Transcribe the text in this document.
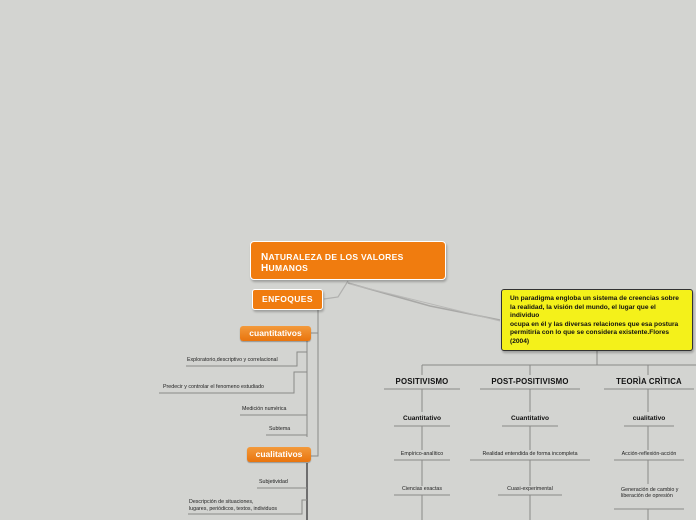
NATURALEZA DE LOS VALORES
HUMANOS
ENFOQUES
cuantitativos
Exploratorio,descriptivo y correlacional
Predecir y controlar el fenomeno estudiado
Medición numérica
Subtema
cualitativos
Subjetividad
Descripción de situaciones,
lugares, periódicos, textos, individuos
Un paradigma engloba un sistema de creencias sobre la realidad, la visión del mundo, el lugar que el individuo
ocupa en él y las diversas relaciones que esa postura permitiría con lo que se considera existente.Flores (2004)
POSITIVISMO
Cuantitativo
Empírico-analítico
Ciencias exactas
POST-POSITIVISMO
Cuantitativo
Realidad entendida de forma incompleta
Cuasi-experimental
TEORÌA CRÌTICA
cualitativo
Acción-reflexión-acción
Generación de cambio y liberación de opresión
